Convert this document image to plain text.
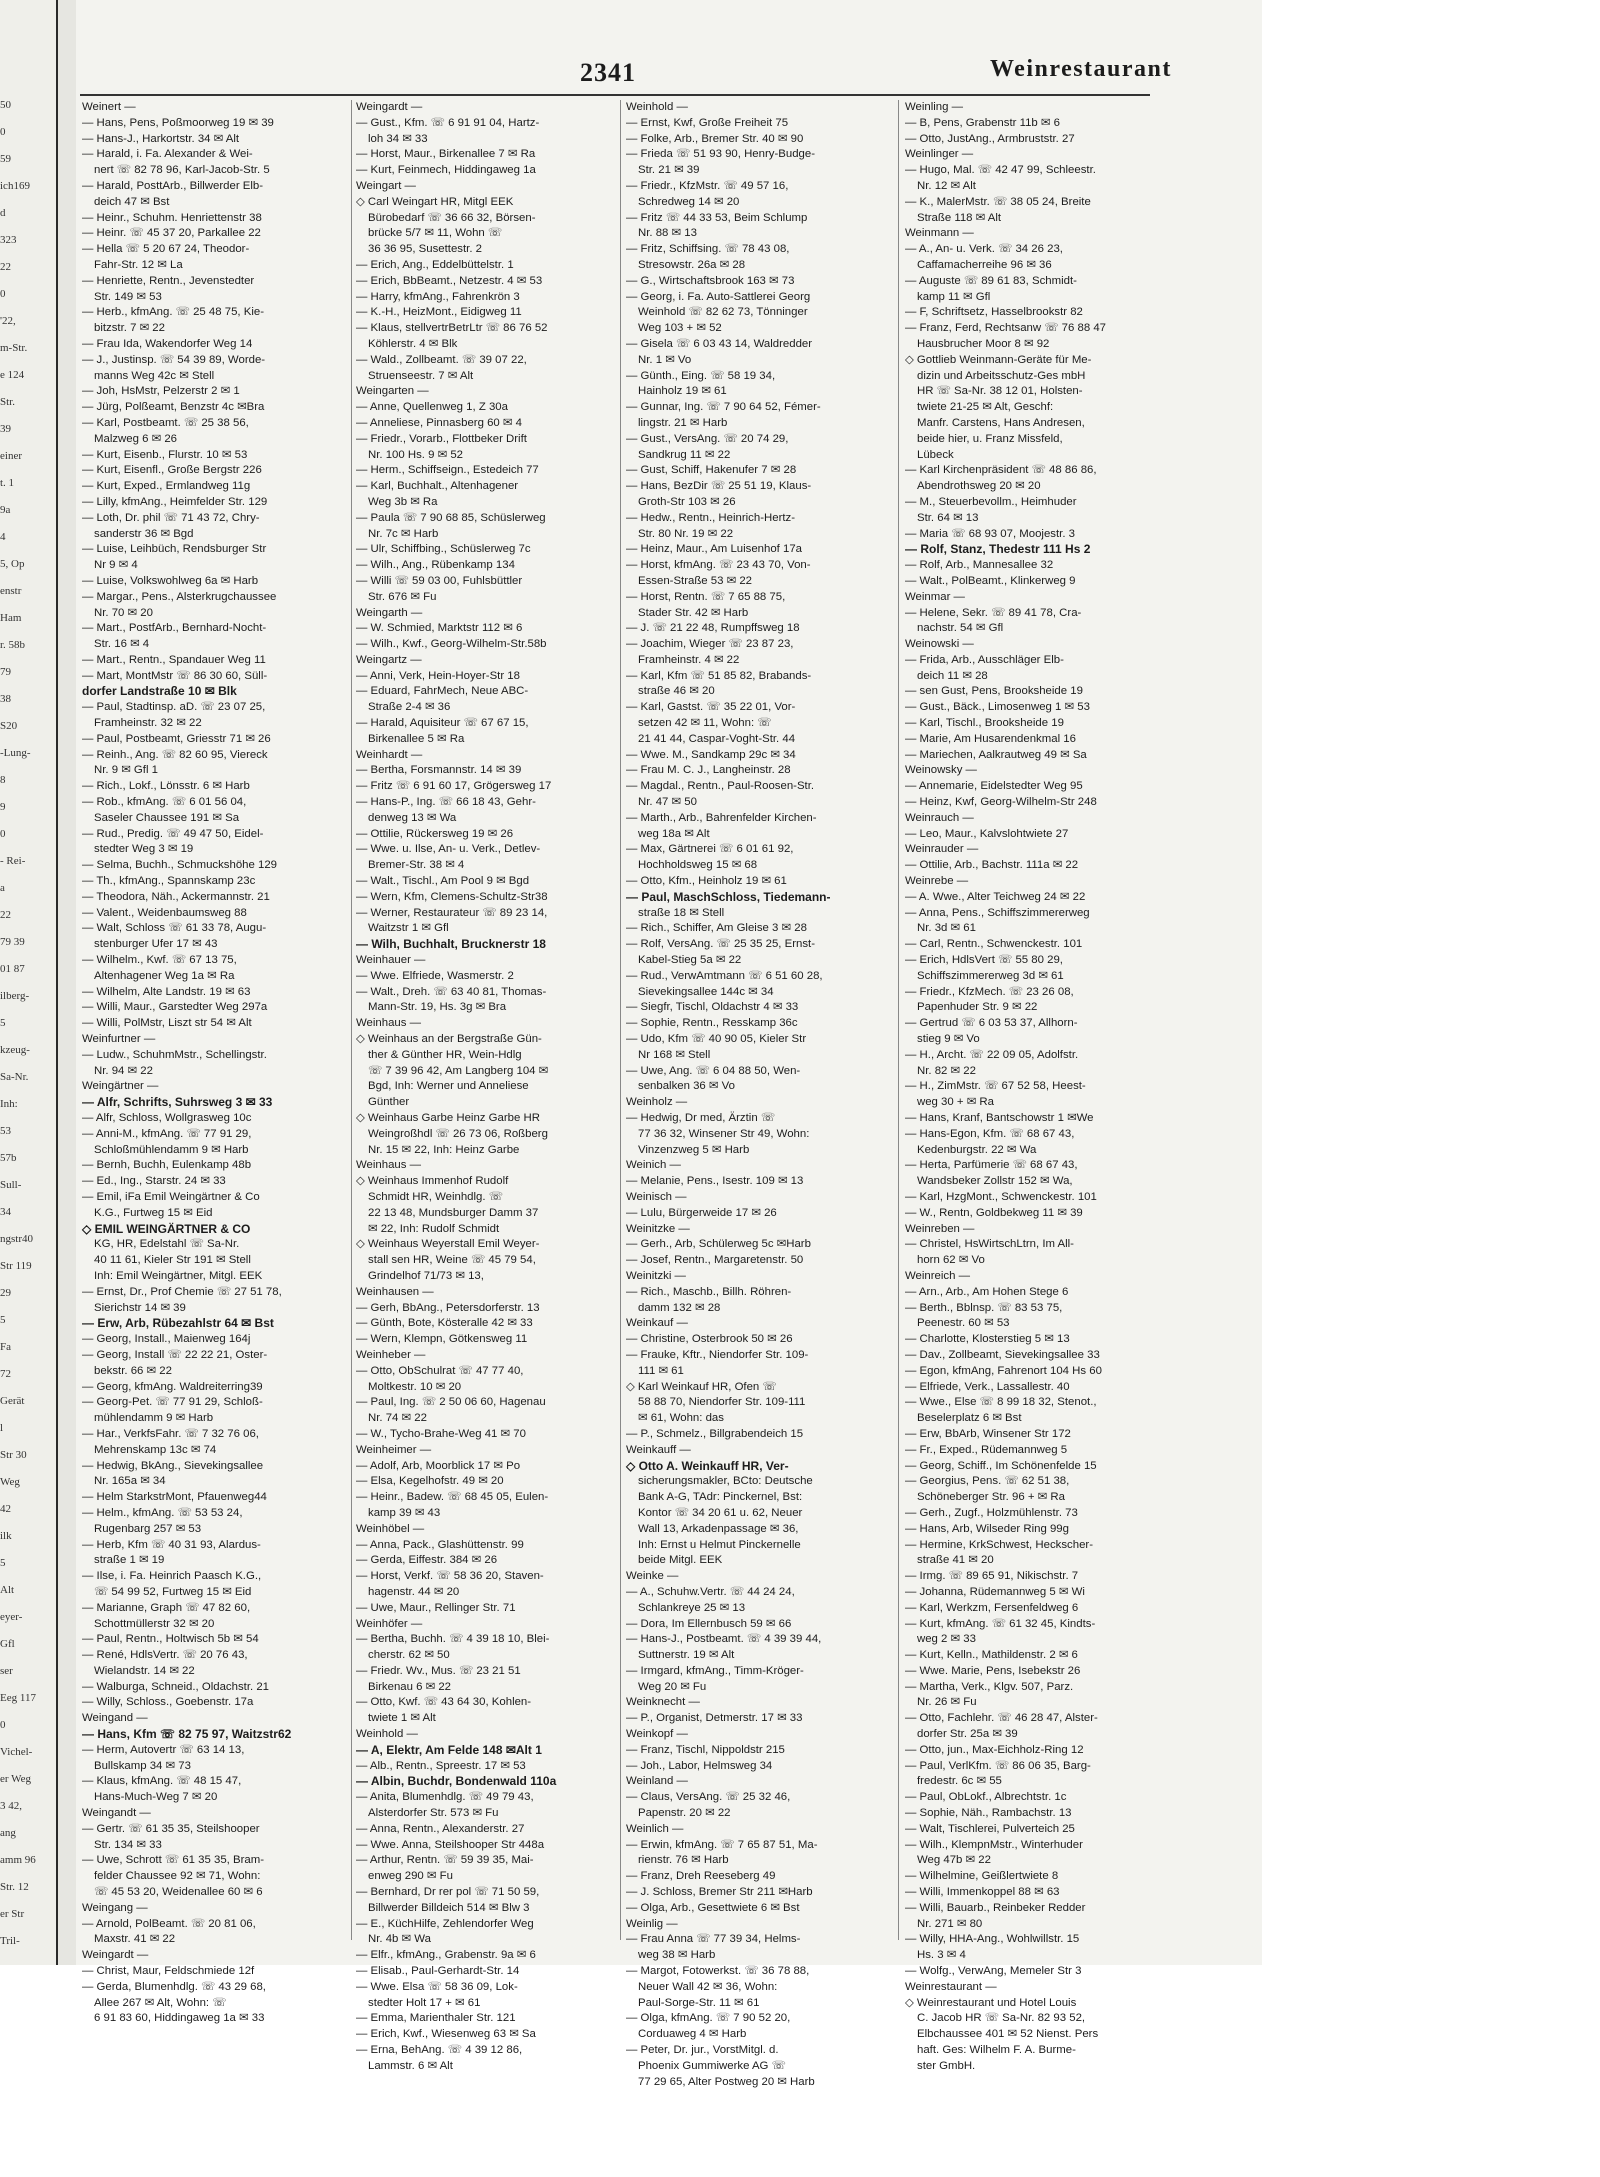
50
0
59
ich169
d
323
22
0
'22,
m-Str.
e 124
Str.
39
einer
t. 1
9a
4
5, Op
enstr
Ham
r. 58b
79
38
S20
-Lung-
8
9
0
- Rei-
a
22
79 39
01 87
ilberg-
5
kzeug-
Sa-Nr.
Inh:
53
57b
Sull-
34
ngstr40
Str 119
29
5
Fa
72
Gerät
l
Str 30
Weg
42
ilk
5
Alt
eyer-
Gfl
ser
Eeg 117
0
Vichel-
er Weg
3 42,
ang
amm 96
Str. 12
er Str
Tril-
2341	Weinrestaurant
Weinert —
— Hans, Pens, Poßmoorweg 19 ✉ 39
— Hans-J., Harkortstr. 34 ✉ Alt
— Harald, i. Fa. Alexander & Wei-
nert ☏ 82 78 96, Karl-Jacob-Str. 5
— Harald, PosttArb., Billwerder Elb-
deich 47 ✉ Bst
— Heinr., Schuhm. Henriettenstr 38
— Heinr. ☏ 45 37 20, Parkallee 22
— Hella ☏ 5 20 67 24, Theodor-
Fahr-Str. 12 ✉ La
— Henriette, Rentn., Jevenstedter
Str. 149 ✉ 53
— Herb., kfmAng. ☏ 25 48 75, Kie-
bitzstr. 7 ✉ 22
— Frau Ida, Wakendorfer Weg 14
— J., Justinsp. ☏ 54 39 89, Worde-
manns Weg 42c ✉ Stell
— Joh, HsMstr, Pelzerstr 2 ✉ 1
— Jürg, Polßeamt, Benzstr 4c ✉Bra
— Karl, Postbeamt. ☏ 25 38 56,
Malzweg 6 ✉ 26
— Kurt, Eisenb., Flurstr. 10 ✉ 53
— Kurt, Eisenfl., Große Bergstr 226
— Kurt, Exped., Ermlandweg 11g
— Lilly, kfmAng., Heimfelder Str. 129
— Loth, Dr. phil ☏ 71 43 72, Chry-
sanderstr 36 ✉ Bgd
— Luise, Leihbüch, Rendsburger Str
Nr 9 ✉ 4
— Luise, Volkswohlweg 6a ✉ Harb
— Margar., Pens., Alsterkrugchaussee
Nr. 70 ✉ 20
— Mart., PostfArb., Bernhard-Nocht-
Str. 16 ✉ 4
— Mart., Rentn., Spandauer Weg 11
— Mart, MontMstr ☏ 86 30 60, Süll-
dorfer Landstraße 10 ✉ Blk
— Paul, Stadtinsp. aD. ☏ 23 07 25,
Framheinstr. 32 ✉ 22
— Paul, Postbeamt, Griesstr 71 ✉ 26
— Reinh., Ang. ☏ 82 60 95, Viereck
Nr. 9 ✉ Gfl 1
— Rich., Lokf., Lönsstr. 6 ✉ Harb
— Rob., kfmAng. ☏ 6 01 56 04,
Saseler Chaussee 191 ✉ Sa
— Rud., Predig. ☏ 49 47 50, Eidel-
stedter Weg 3 ✉ 19
— Selma, Buchh., Schmuckshöhe 129
— Th., kfmAng., Spannskamp 23c
— Theodora, Näh., Ackermannstr. 21
— Valent., Weidenbaumsweg 88
— Walt, Schloss ☏ 61 33 78, Augu-
stenburger Ufer 17 ✉ 43
— Wilhelm., Kwf. ☏ 67 13 75,
Altenhagener Weg 1a ✉ Ra
— Wilhelm, Alte Landstr. 19 ✉ 63
— Willi, Maur., Garstedter Weg 297a
— Willi, PolMstr, Liszt str 54 ✉ Alt
Weinfurtner —
— Ludw., SchuhmMstr., Schellingstr.
Nr. 94 ✉ 22
Weingärtner —
— Alfr, Schrifts, Suhrsweg 3 ✉ 33
— Alfr, Schloss, Wollgrasweg 10c
— Anni-M., kfmAng. ☏ 77 91 29,
Schloßmühlendamm 9 ✉ Harb
— Bernh, Buchh, Eulenkamp 48b
— Ed., Ing., Starstr. 24 ✉ 33
— Emil, iFa Emil Weingärtner & Co
K.G., Furtweg 15 ✉ Eid
◇ EMIL WEINGÄRTNER & CO
KG, HR, Edelstahl ☏ Sa-Nr.
40 11 61, Kieler Str 191 ✉ Stell
Inh: Emil Weingärtner, Mitgl. EEK
— Ernst, Dr., Prof Chemie ☏ 27 51 78,
Sierichstr 14 ✉ 39
— Erw, Arb, Rübezahlstr 64 ✉ Bst
— Georg, Install., Maienweg 164j
— Georg, Install ☏ 22 22 21, Oster-
bekstr. 66 ✉ 22
— Georg, kfmAng. Waldreiterring39
— Georg-Pet. ☏ 77 91 29, Schloß-
mühlendamm 9 ✉ Harb
— Har., VerkfsFahr. ☏ 7 32 76 06,
Mehrenskamp 13c ✉ 74
— Hedwig, BkAng., Sievekingsallee
Nr. 165a ✉ 34
— Helm StarkstrMont, Pfauenweg44
— Helm., kfmAng. ☏ 53 53 24,
Rugenbarg 257 ✉ 53
— Herb, Kfm ☏ 40 31 93, Alardus-
straße 1 ✉ 19
— Ilse, i. Fa. Heinrich Paasch K.G.,
☏ 54 99 52, Furtweg 15 ✉ Eid
— Marianne, Graph ☏ 47 82 60,
Schottmüllerstr 32 ✉ 20
— Paul, Rentn., Holtwisch 5b ✉ 54
— René, HdlsVertr. ☏ 20 76 43,
Wielandstr. 14 ✉ 22
— Walburga, Schneid., Oldachstr. 21
— Willy, Schloss., Goebenstr. 17a
Weingand —
— Hans, Kfm ☏ 82 75 97, Waitzstr62
— Herm, Autovertr ☏ 63 14 13,
Bullskamp 34 ✉ 73
— Klaus, kfmAng. ☏ 48 15 47,
Hans-Much-Weg 7 ✉ 20
Weingandt —
— Gertr. ☏ 61 35 35, Steilshooper
Str. 134 ✉ 33
— Uwe, Schrott ☏ 61 35 35, Bram-
felder Chaussee 92 ✉ 71, Wohn:
☏ 45 53 20, Weidenallee 60 ✉ 6
Weingang —
— Arnold, PolBeamt. ☏ 20 81 06,
Maxstr. 41 ✉ 22
Weingardt —
— Christ, Maur, Feldschmiede 12f
— Gerda, Blumenhdlg. ☏ 43 29 68,
Allee 267 ✉ Alt, Wohn: ☏
6 91 83 60, Hiddingaweg 1a ✉ 33
Weingardt —
— Gust., Kfm. ☏ 6 91 91 04, Hartz-
loh 34 ✉ 33
— Horst, Maur., Birkenallee 7 ✉ Ra
— Kurt, Feinmech, Hiddingaweg 1a
Weingart —
◇ Carl Weingart HR, Mitgl EEK
Bürobedarf ☏ 36 66 32, Börsen-
brücke 5/7 ✉ 11, Wohn ☏
36 36 95, Susettestr. 2
— Erich, Ang., Eddelbüttelstr. 1
— Erich, BbBeamt., Netzestr. 4 ✉ 53
— Harry, kfmAng., Fahrenkrön 3
— K.-H., HeizMont., Eidigweg 11
— Klaus, stellvertrBetrLtr ☏ 86 76 52
Köhlerstr. 4 ✉ Blk
— Wald., Zollbeamt. ☏ 39 07 22,
Struenseestr. 7 ✉ Alt
Weingarten —
— Anne, Quellenweg 1, Z 30a
— Anneliese, Pinnasberg 60 ✉ 4
— Friedr., Vorarb., Flottbeker Drift
Nr. 100 Hs. 9 ✉ 52
— Herm., Schiffseign., Estedeich 77
— Karl, Buchhalt., Altenhagener
Weg 3b ✉ Ra
— Paula ☏ 7 90 68 85, Schüslerweg
Nr. 7c ✉ Harb
— Ulr, Schiffbing., Schüslerweg 7c
— Wilh., Ang., Rübenkamp 134
— Willi ☏ 59 03 00, Fuhlsbüttler
Str. 676 ✉ Fu
Weingarth —
— W. Schmied, Marktstr 112 ✉ 6
— Wilh., Kwf., Georg-Wilhelm-Str.58b
Weingartz —
— Anni, Verk, Hein-Hoyer-Str 18
— Eduard, FahrMech, Neue ABC-
Straße 2-4 ✉ 36
— Harald, Aquisiteur ☏ 67 67 15,
Birkenallee 5 ✉ Ra
Weinhardt —
— Bertha, Forsmannstr. 14 ✉ 39
— Fritz ☏ 6 91 60 17, Grögersweg 17
— Hans-P., Ing. ☏ 66 18 43, Gehr-
denweg 13 ✉ Wa
— Ottilie, Rückersweg 19 ✉ 26
— Wwe. u. Ilse, An- u. Verk., Detlev-
Bremer-Str. 38 ✉ 4
— Walt., Tischl., Am Pool 9 ✉ Bgd
— Wern, Kfm, Clemens-Schultz-Str38
— Werner, Restaurateur ☏ 89 23 14,
Waitzstr 1 ✉ Gfl
— Wilh, Buchhalt, Brucknerstr 18
Weinhauer —
— Wwe. Elfriede, Wasmerstr. 2
— Walt., Dreh. ☏ 63 40 81, Thomas-
Mann-Str. 19, Hs. 3g ✉ Bra
Weinhaus —
◇ Weinhaus an der Bergstraße Gün-
ther & Günther HR, Wein-Hdlg
☏ 7 39 96 42, Am Langberg 104 ✉
Bgd, Inh: Werner und Anneliese
Günther
◇ Weinhaus Garbe Heinz Garbe HR
Weingroßhdl ☏ 26 73 06, Roßberg
Nr. 15 ✉ 22, Inh: Heinz Garbe
Weinhaus —
◇ Weinhaus Immenhof Rudolf
Schmidt HR, Weinhdlg. ☏
22 13 48, Mundsburger Damm 37
✉ 22, Inh: Rudolf Schmidt
◇ Weinhaus Weyerstall Emil Weyer-
stall sen HR, Weine ☏ 45 79 54,
Grindelhof 71/73 ✉ 13,
Weinhausen —
— Gerh, BbAng., Petersdorferstr. 13
— Günth, Bote, Kösteralle 42 ✉ 33
— Wern, Klempn, Götkensweg 11
Weinheber —
— Otto, ObSchulrat ☏ 47 77 40,
Moltkestr. 10 ✉ 20
— Paul, Ing. ☏ 2 50 06 60, Hagenau
Nr. 74 ✉ 22
— W., Tycho-Brahe-Weg 41 ✉ 70
Weinheimer —
— Adolf, Arb, Moorblick 17 ✉ Po
— Elsa, Kegelhofstr. 49 ✉ 20
— Heinr., Badew. ☏ 68 45 05, Eulen-
kamp 39 ✉ 43
Weinhöbel —
— Anna, Pack., Glashüttenstr. 99
— Gerda, Eiffestr. 384 ✉ 26
— Horst, Verkf. ☏ 58 36 20, Staven-
hagenstr. 44 ✉ 20
— Uwe, Maur., Rellinger Str. 71
Weinhöfer —
— Bertha, Buchh. ☏ 4 39 18 10, Blei-
cherstr. 62 ✉ 50
— Friedr. Wv., Mus. ☏ 23 21 51
Birkenau 6 ✉ 22
— Otto, Kwf. ☏ 43 64 30, Kohlen-
twiete 1 ✉ Alt
Weinhold —
— A, Elektr, Am Felde 148 ✉Alt 1
— Alb., Rentn., Spreestr. 17 ✉ 53
— Albin, Buchdr, Bondenwald 110a
— Anita, Blumenhdlg. ☏ 49 79 43,
Alsterdorfer Str. 573 ✉ Fu
— Anna, Rentn., Alexanderstr. 27
— Wwe. Anna, Steilshooper Str 448a
— Arthur, Rentn. ☏ 59 39 35, Mai-
enweg 290 ✉ Fu
— Bernhard, Dr rer pol ☏ 71 50 59,
Billwerder Billdeich 514 ✉ Blw 3
— E., KüchHilfe, Zehlendorfer Weg
Nr. 4b ✉ Wa
— Elfr., kfmAng., Grabenstr. 9a ✉ 6
— Elisab., Paul-Gerhardt-Str. 14
— Wwe. Elsa ☏ 58 36 09, Lok-
stedter Holt 17 + ✉ 61
— Emma, Marienthaler Str. 121
— Erich, Kwf., Wiesenweg 63 ✉ Sa
— Erna, BehAng. ☏ 4 39 12 86,
Lammstr. 6 ✉ Alt
Weinhold —
— Ernst, Kwf, Große Freiheit 75
— Folke, Arb., Bremer Str. 40 ✉ 90
— Frieda ☏ 51 93 90, Henry-Budge-
Str. 21 ✉ 39
— Friedr., KfzMstr. ☏ 49 57 16,
Schredweg 14 ✉ 20
— Fritz ☏ 44 33 53, Beim Schlump
Nr. 88 ✉ 13
— Fritz, Schiffsing. ☏ 78 43 08,
Stresowstr. 26a ✉ 28
— G., Wirtschaftsbrook 163 ✉ 73
— Georg, i. Fa. Auto-Sattlerei Georg
Weinhold ☏ 82 62 73, Tönninger
Weg 103 + ✉ 52
— Gisela ☏ 6 03 43 14, Waldredder
Nr. 1 ✉ Vo
— Günth., Eing. ☏ 58 19 34,
Hainholz 19 ✉ 61
— Gunnar, Ing. ☏ 7 90 64 52, Fémer-
lingstr. 21 ✉ Harb
— Gust., VersAng. ☏ 20 74 29,
Sandkrug 11 ✉ 22
— Gust, Schiff, Hakenufer 7 ✉ 28
— Hans, BezDir ☏ 25 51 19, Klaus-
Groth-Str 103 ✉ 26
— Hedw., Rentn., Heinrich-Hertz-
Str. 80 Nr. 19 ✉ 22
— Heinz, Maur., Am Luisenhof 17a
— Horst, kfmAng. ☏ 23 43 70, Von-
Essen-Straße 53 ✉ 22
— Horst, Rentn. ☏ 7 65 88 75,
Stader Str. 42 ✉ Harb
— J. ☏ 21 22 48, Rumpffsweg 18
— Joachim, Wieger ☏ 23 87 23,
Framheinstr. 4 ✉ 22
— Karl, Kfm ☏ 51 85 82, Brabands-
straße 46 ✉ 20
— Karl, Gastst. ☏ 35 22 01, Vor-
setzen 42 ✉ 11, Wohn: ☏
21 41 44, Caspar-Voght-Str. 44
— Wwe. M., Sandkamp 29c ✉ 34
— Frau M. C. J., Langheinstr. 28
— Magdal., Rentn., Paul-Roosen-Str.
Nr. 47 ✉ 50
— Marth., Arb., Bahrenfelder Kirchen-
weg 18a ✉ Alt
— Max, Gärtnerei ☏ 6 01 61 92,
Hochholdsweg 15 ✉ 68
— Otto, Kfm., Heinholz 19 ✉ 61
— Paul, MaschSchloss, Tiedemann-
straße 18 ✉ Stell
— Rich., Schiffer, Am Gleise 3 ✉ 28
— Rolf, VersAng. ☏ 25 35 25, Ernst-
Kabel-Stieg 5a ✉ 22
— Rud., VerwAmtmann ☏ 6 51 60 28,
Sievekingsallee 144c ✉ 34
— Siegfr, Tischl, Oldachstr 4 ✉ 33
— Sophie, Rentn., Resskamp 36c
— Udo, Kfm ☏ 40 90 05, Kieler Str
Nr 168 ✉ Stell
— Uwe, Ang. ☏ 6 04 88 50, Wen-
senbalken 36 ✉ Vo
Weinholz —
— Hedwig, Dr med, Ärztin ☏
77 36 32, Winsener Str 49, Wohn:
Vinzenzweg 5 ✉ Harb
Weinich —
— Melanie, Pens., Isestr. 109 ✉ 13
Weinisch —
— Lulu, Bürgerweide 17 ✉ 26
Weinitzke —
— Gerh., Arb, Schülerweg 5c ✉Harb
— Josef, Rentn., Margaretenstr. 50
Weinitzki —
— Rich., Maschb., Billh. Röhren-
damm 132 ✉ 28
Weinkauf —
— Christine, Osterbrook 50 ✉ 26
— Frauke, Kftr., Niendorfer Str. 109-
111 ✉ 61
◇ Karl Weinkauf HR, Ofen ☏
58 88 70, Niendorfer Str. 109-111
✉ 61, Wohn: das
— P., Schmelz., Billgrabendeich 15
Weinkauff —
◇ Otto A. Weinkauff HR, Ver-
sicherungsmakler, BCto: Deutsche
Bank A-G, TAdr: Pinckernel, Bst:
Kontor ☏ 34 20 61 u. 62, Neuer
Wall 13, Arkadenpassage ✉ 36,
Inh: Ernst u Helmut Pinckernelle
beide Mitgl. EEK
Weinke —
— A., Schuhw.Vertr. ☏ 44 24 24,
Schlankreye 25 ✉ 13
— Dora, Im Ellernbusch 59 ✉ 66
— Hans-J., Postbeamt. ☏ 4 39 39 44,
Suttnerstr. 19 ✉ Alt
— Irmgard, kfmAng., Timm-Kröger-
Weg 20 ✉ Fu
Weinknecht —
— P., Organist, Detmerstr. 17 ✉ 33
Weinkopf —
— Franz, Tischl, Nippoldstr 215
— Joh., Labor, Helmsweg 34
Weinland —
— Claus, VersAng. ☏ 25 32 46,
Papenstr. 20 ✉ 22
Weinlich —
— Erwin, kfmAng. ☏ 7 65 87 51, Ma-
rienstr. 76 ✉ Harb
— Franz, Dreh Reeseberg 49
— J. Schloss, Bremer Str 211 ✉Harb
— Olga, Arb., Gesettwiete 6 ✉ Bst
Weinlig —
— Frau Anna ☏ 77 39 34, Helms-
weg 38 ✉ Harb
— Margot, Fotowerkst. ☏ 36 78 88,
Neuer Wall 42 ✉ 36, Wohn:
Paul-Sorge-Str. 11 ✉ 61
— Olga, kfmAng. ☏ 7 90 52 20,
Corduaweg 4 ✉ Harb
— Peter, Dr. jur., VorstMitgl. d.
Phoenix Gummiwerke AG ☏
77 29 65, Alter Postweg 20 ✉ Harb
Weinling —
— B, Pens, Grabenstr 11b ✉ 6
— Otto, JustAng., Armbruststr. 27
Weinlinger —
— Hugo, Mal. ☏ 42 47 99, Schleestr.
Nr. 12 ✉ Alt
— K., MalerMstr. ☏ 38 05 24, Breite
Straße 118 ✉ Alt
Weinmann —
— A., An- u. Verk. ☏ 34 26 23,
Caffamacherreihe 96 ✉ 36
— Auguste ☏ 89 61 83, Schmidt-
kamp 11 ✉ Gfl
— F, Schriftsetz, Hasselbrookstr 82
— Franz, Ferd, Rechtsanw ☏ 76 88 47
Hausbrucher Moor 8 ✉ 92
◇ Gottlieb Weinmann-Geräte für Me-
dizin und Arbeitsschutz-Ges mbH
HR ☏ Sa-Nr. 38 12 01, Holsten-
twiete 21-25 ✉ Alt, Geschf:
Manfr. Carstens, Hans Andresen,
beide hier, u. Franz Missfeld,
Lübeck
— Karl Kirchenpräsident ☏ 48 86 86,
Abendrothsweg 20 ✉ 20
— M., Steuerbevollm., Heimhuder
Str. 64 ✉ 13
— Maria ☏ 68 93 07, Moojestr. 3
— Rolf, Stanz, Thedestr 111 Hs 2
— Rolf, Arb., Mannesallee 32
— Walt., PolBeamt., Klinkerweg 9
Weinmar —
— Helene, Sekr. ☏ 89 41 78, Cra-
nachstr. 54 ✉ Gfl
Weinowski —
— Frida, Arb., Ausschläger Elb-
deich 11 ✉ 28
— sen Gust, Pens, Brooksheide 19
— Gust., Bäck., Limosenweg 1 ✉ 53
— Karl, Tischl., Brooksheide 19
— Marie, Am Husarendenkmal 16
— Mariechen, Aalkrautweg 49 ✉ Sa
Weinowsky —
— Annemarie, Eidelstedter Weg 95
— Heinz, Kwf, Georg-Wilhelm-Str 248
Weinrauch —
— Leo, Maur., Kalvslohtwiete 27
Weinrauder —
— Ottilie, Arb., Bachstr. 111a ✉ 22
Weinrebe —
— A. Wwe., Alter Teichweg 24 ✉ 22
— Anna, Pens., Schiffszimmererweg
Nr. 3d ✉ 61
— Carl, Rentn., Schwenckestr. 101
— Erich, HdlsVert ☏ 55 80 29,
Schiffszimmererweg 3d ✉ 61
— Friedr., KfzMech. ☏ 23 26 08,
Papenhuder Str. 9 ✉ 22
— Gertrud ☏ 6 03 53 37, Allhorn-
stieg 9 ✉ Vo
— H., Archt. ☏ 22 09 05, Adolfstr.
Nr. 82 ✉ 22
— H., ZimMstr. ☏ 67 52 58, Heest-
weg 30 + ✉ Ra
— Hans, Kranf, Bantschowstr 1 ✉We
— Hans-Egon, Kfm. ☏ 68 67 43,
Kedenburgstr. 22 ✉ Wa
— Herta, Parfümerie ☏ 68 67 43,
Wandsbeker Zollstr 152 ✉ Wa,
— Karl, HzgMont., Schwenckestr. 101
— W., Rentn, Goldbekweg 11 ✉ 39
Weinreben —
— Christel, HsWirtschLtrn, Im All-
horn 62 ✉ Vo
Weinreich —
— Arn., Arb., Am Hohen Stege 6
— Berth., Bblnsp. ☏ 83 53 75,
Peenestr. 60 ✉ 53
— Charlotte, Klosterstieg 5 ✉ 13
— Dav., Zollbeamt, Sievekingsallee 33
— Egon, kfmAng, Fahrenort 104 Hs 60
— Elfriede, Verk., Lassallestr. 40
— Wwe., Else ☏ 8 99 18 32, Stenot.,
Beselerplatz 6 ✉ Bst
— Erw, BbArb, Winsener Str 172
— Fr., Exped., Rüdemannweg 5
— Georg, Schiff., Im Schönenfelde 15
— Georgius, Pens. ☏ 62 51 38,
Schöneberger Str. 96 + ✉ Ra
— Gerh., Zugf., Holzmühlenstr. 73
— Hans, Arb, Wilseder Ring 99g
— Hermine, KrkSchwest, Heckscher-
straße 41 ✉ 20
— Irmg. ☏ 89 65 91, Nikischstr. 7
— Johanna, Rüdemannweg 5 ✉ Wi
— Karl, Werkzm, Fersenfeldweg 6
— Kurt, kfmAng. ☏ 61 32 45, Kindts-
weg 2 ✉ 33
— Kurt, Kelln., Mathildenstr. 2 ✉ 6
— Wwe. Marie, Pens, Isebekstr 26
— Martha, Verk., Klgv. 507, Parz.
Nr. 26 ✉ Fu
— Otto, Fachlehr. ☏ 46 28 47, Alster-
dorfer Str. 25a ✉ 39
— Otto, jun., Max-Eichholz-Ring 12
— Paul, VerlKfm. ☏ 86 06 35, Barg-
fredestr. 6c ✉ 55
— Paul, ObLokf., Albrechtstr. 1c
— Sophie, Näh., Rambachstr. 13
— Walt, Tischlerei, Pulverteich 25
— Wilh., KlempnMstr., Winterhuder
Weg 47b ✉ 22
— Wilhelmine, Geißlertwiete 8
— Willi, Immenkoppel 88 ✉ 63
— Willi, Bauarb., Reinbeker Redder
Nr. 271 ✉ 80
— Willy, HHA-Ang., Wohlwillstr. 15
Hs. 3 ✉ 4
— Wolfg., VerwAng, Memeler Str 3
Weinrestaurant —
◇ Weinrestaurant und Hotel Louis
C. Jacob HR ☏ Sa-Nr. 82 93 52,
Elbchaussee 401 ✉ 52 Nienst. Pers
haft. Ges: Wilhelm F. A. Burme-
ster GmbH.
